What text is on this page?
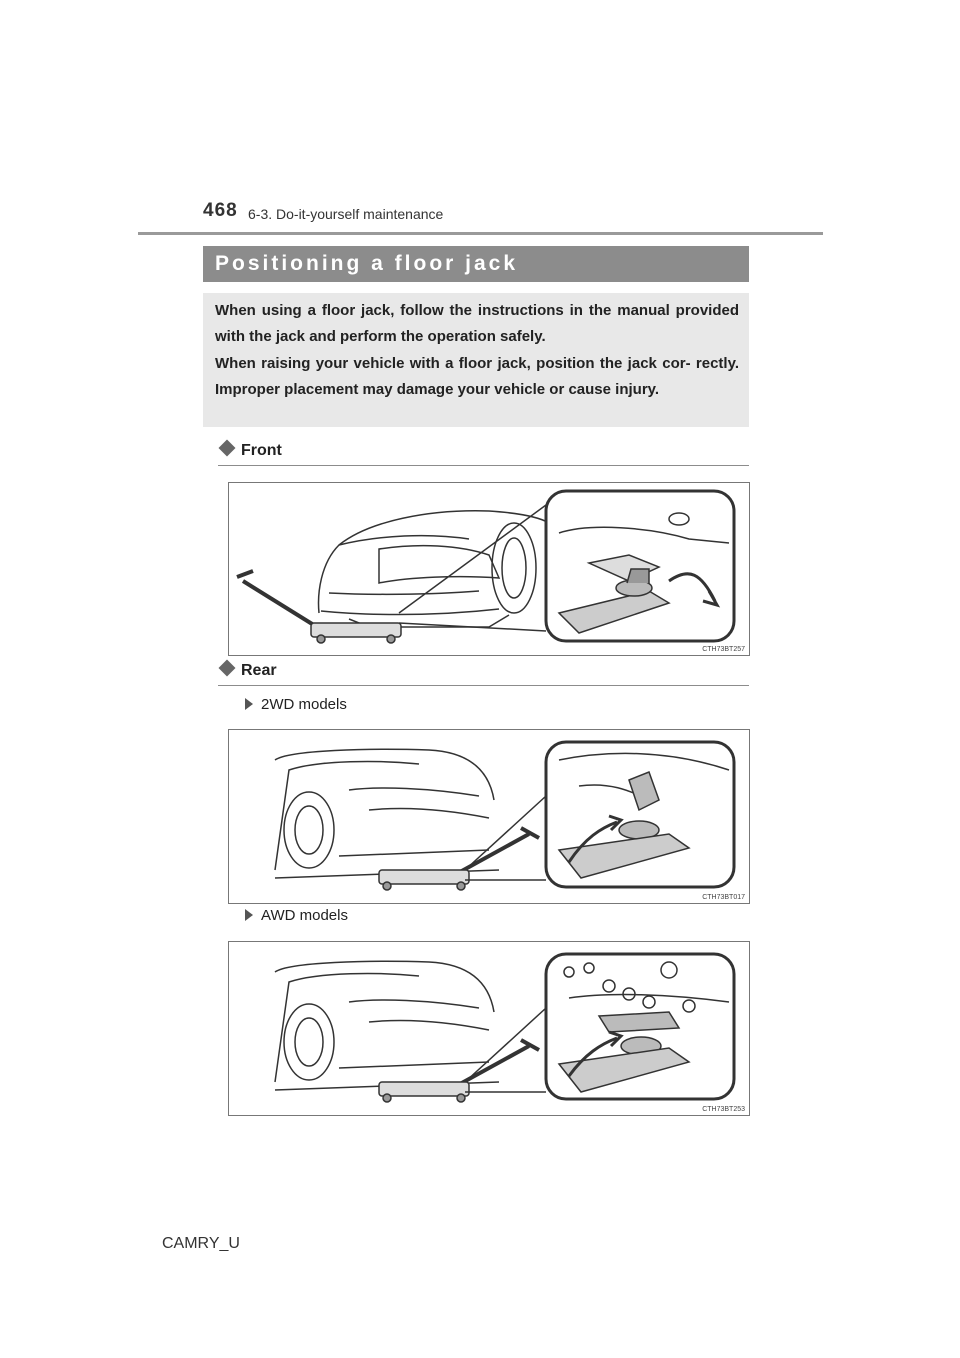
468 6-3. Do-it-yourself maintenance
Positioning a floor jack
When using a floor jack, follow the instructions in the manual provided with the jack and perform the operation safely.
When raising your vehicle with a floor jack, position the jack cor- rectly. Improper placement may damage your vehicle or cause injury.
Front
CTH73BT257
Rear
2WD models
CTH73BT017
AWD models
CTH73BT253
CAMRY_U
